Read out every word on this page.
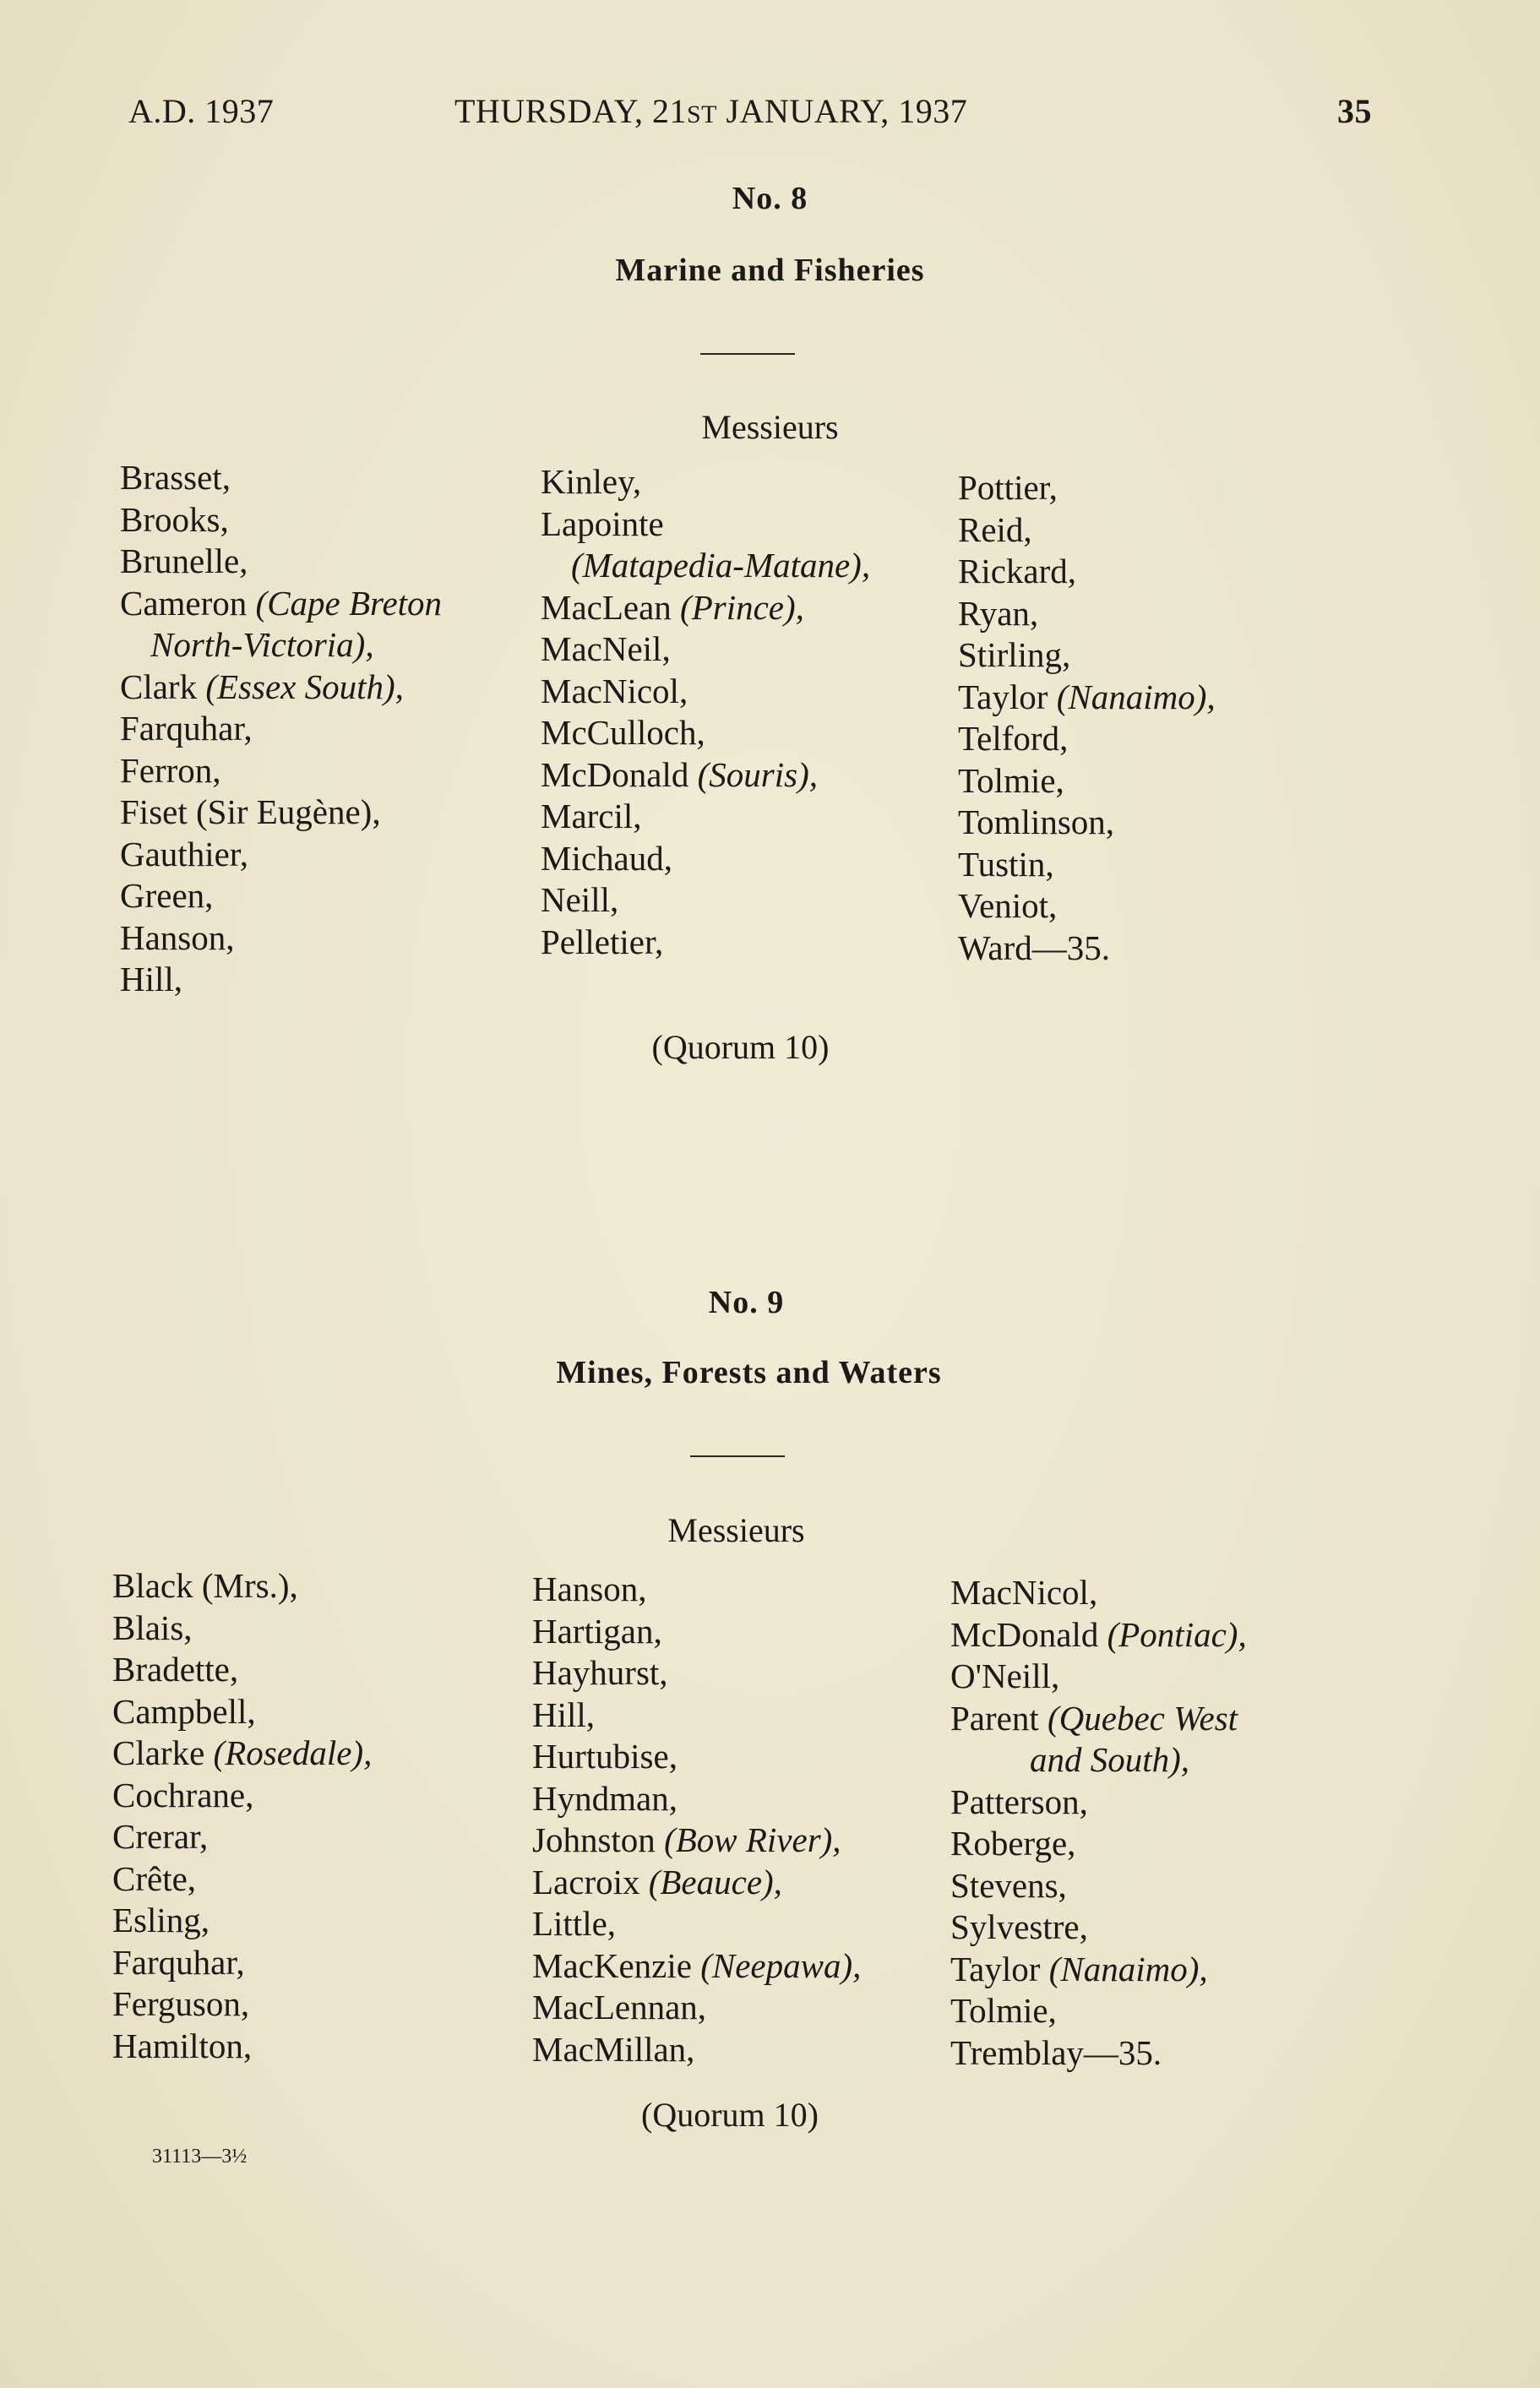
A.D. 1937	THURSDAY, 21ST JANUARY, 1937	35
No. 8
Marine and Fisheries
Messieurs
Brasset,
Brooks,
Brunelle,
Cameron (Cape Breton
North-Victoria),
Clark (Essex South),
Farquhar,
Ferron,
Fiset (Sir Eugène),
Gauthier,
Green,
Hanson,
Hill,
Kinley,
Lapointe
(Matapedia-Matane),
MacLean (Prince),
MacNeil,
MacNicol,
McCulloch,
McDonald (Souris),
Marcil,
Michaud,
Neill,
Pelletier,
Pottier,
Reid,
Rickard,
Ryan,
Stirling,
Taylor (Nanaimo),
Telford,
Tolmie,
Tomlinson,
Tustin,
Veniot,
Ward—35.
(Quorum 10)
No. 9
Mines, Forests and Waters
Messieurs
Black (Mrs.),
Blais,
Bradette,
Campbell,
Clarke (Rosedale),
Cochrane,
Crerar,
Crête,
Esling,
Farquhar,
Ferguson,
Hamilton,
Hanson,
Hartigan,
Hayhurst,
Hill,
Hurtubise,
Hyndman,
Johnston (Bow River),
Lacroix (Beauce),
Little,
MacKenzie (Neepawa),
MacLennan,
MacMillan,
MacNicol,
McDonald (Pontiac),
O'Neill,
Parent (Quebec West
and South),
Patterson,
Roberge,
Stevens,
Sylvestre,
Taylor (Nanaimo),
Tolmie,
Tremblay—35.
(Quorum 10)
31113—3½
